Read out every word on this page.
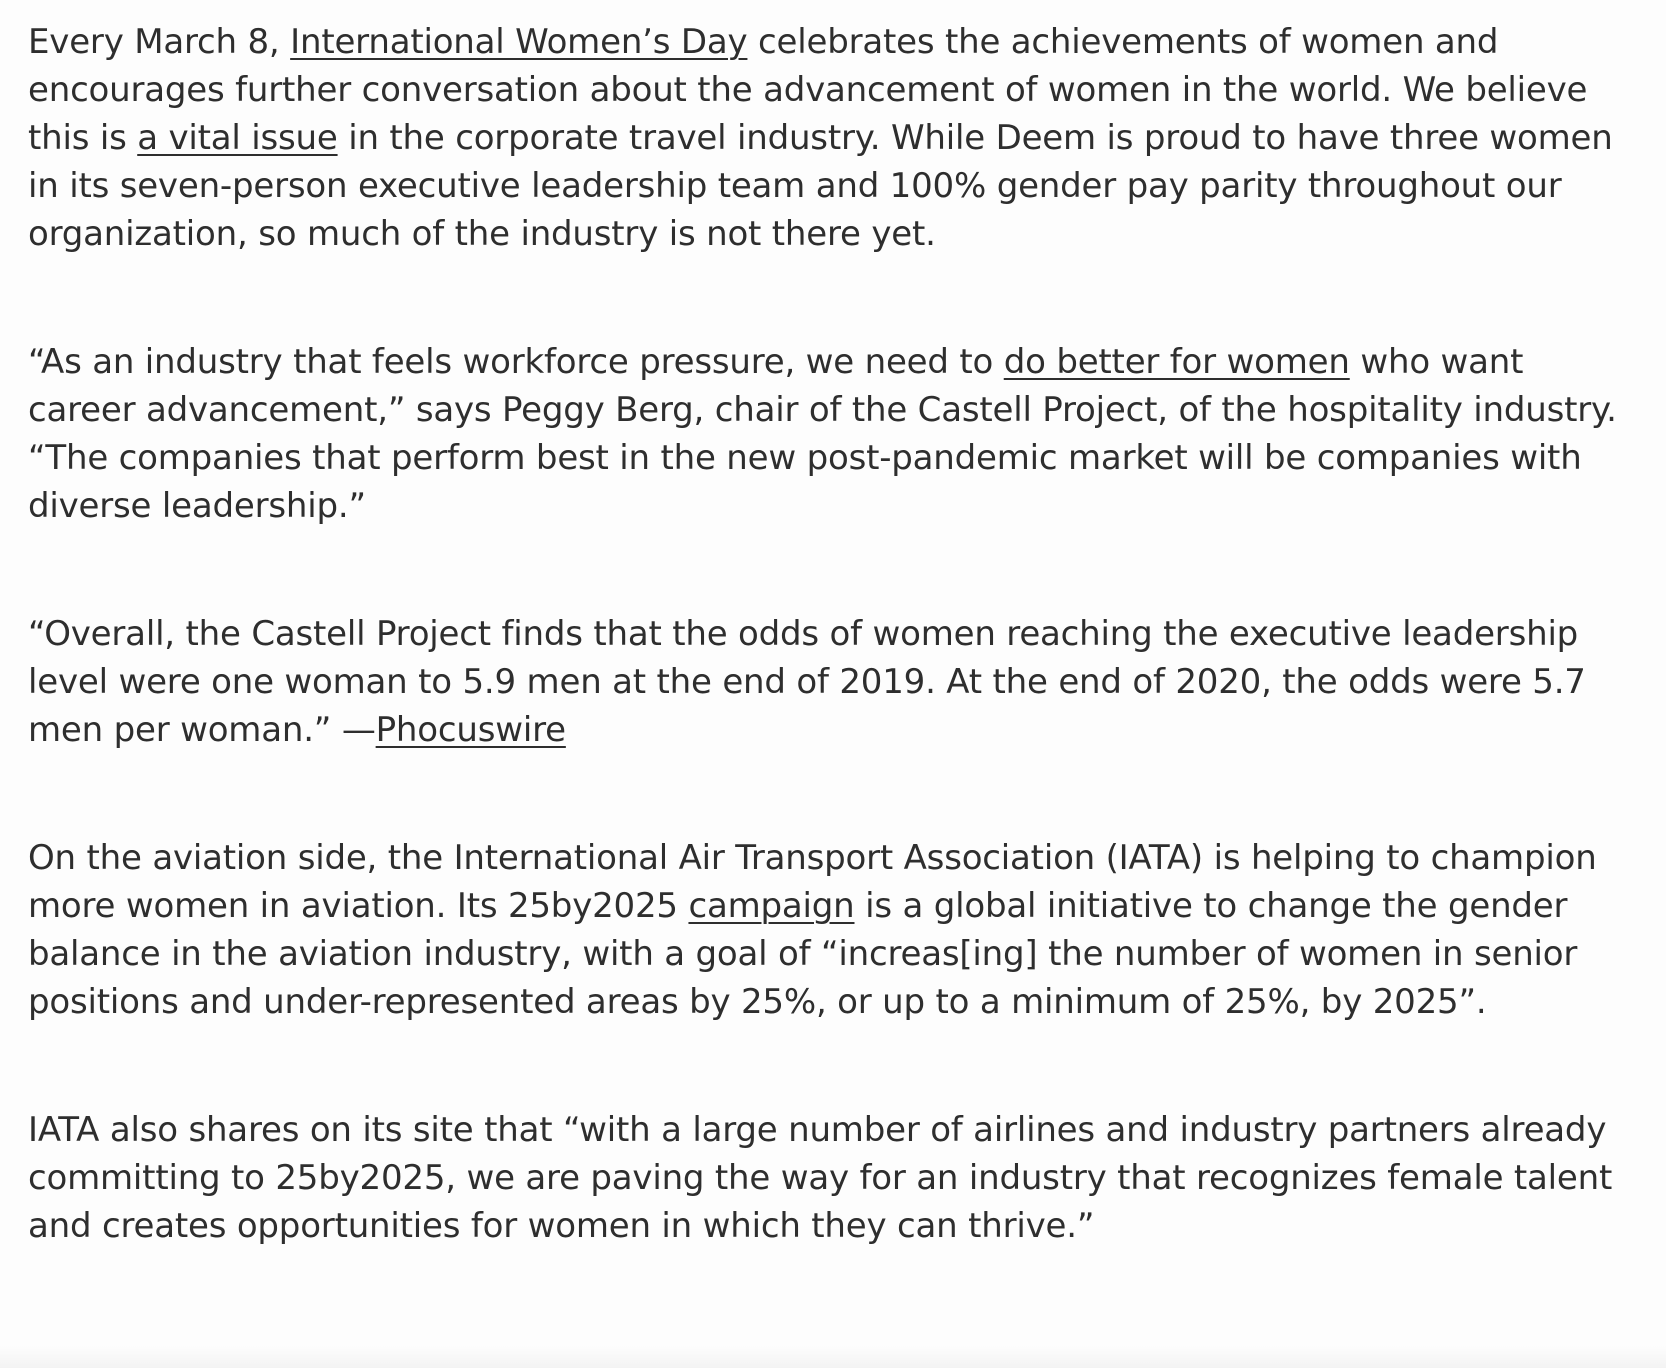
Every March 8, International Women’s Day celebrates the achievements of women and encourages further conversation about the advancement of women in the world. We believe this is a vital issue in the corporate travel industry. While Deem is proud to have three women in its seven-person executive leadership team and 100% gender pay parity throughout our organization, so much of the industry is not there yet.

“As an industry that feels workforce pressure, we need to do better for women who want career advancement,” says Peggy Berg, chair of the Castell Project, of the hospitality industry. “The companies that perform best in the new post-pandemic market will be companies with diverse leadership.”

“Overall, the Castell Project finds that the odds of women reaching the executive leadership level were one woman to 5.9 men at the end of 2019. At the end of 2020, the odds were 5.7 men per woman.” —Phocuswire

On the aviation side, the International Air Transport Association (IATA) is helping to champion more women in aviation. Its 25by2025 campaign is a global initiative to change the gender balance in the aviation industry, with a goal of “increas[ing] the number of women in senior positions and under-represented areas by 25%, or up to a minimum of 25%, by 2025”.

IATA also shares on its site that “with a large number of airlines and industry partners already committing to 25by2025, we are paving the way for an industry that recognizes female talent and creates opportunities for women in which they can thrive.”
